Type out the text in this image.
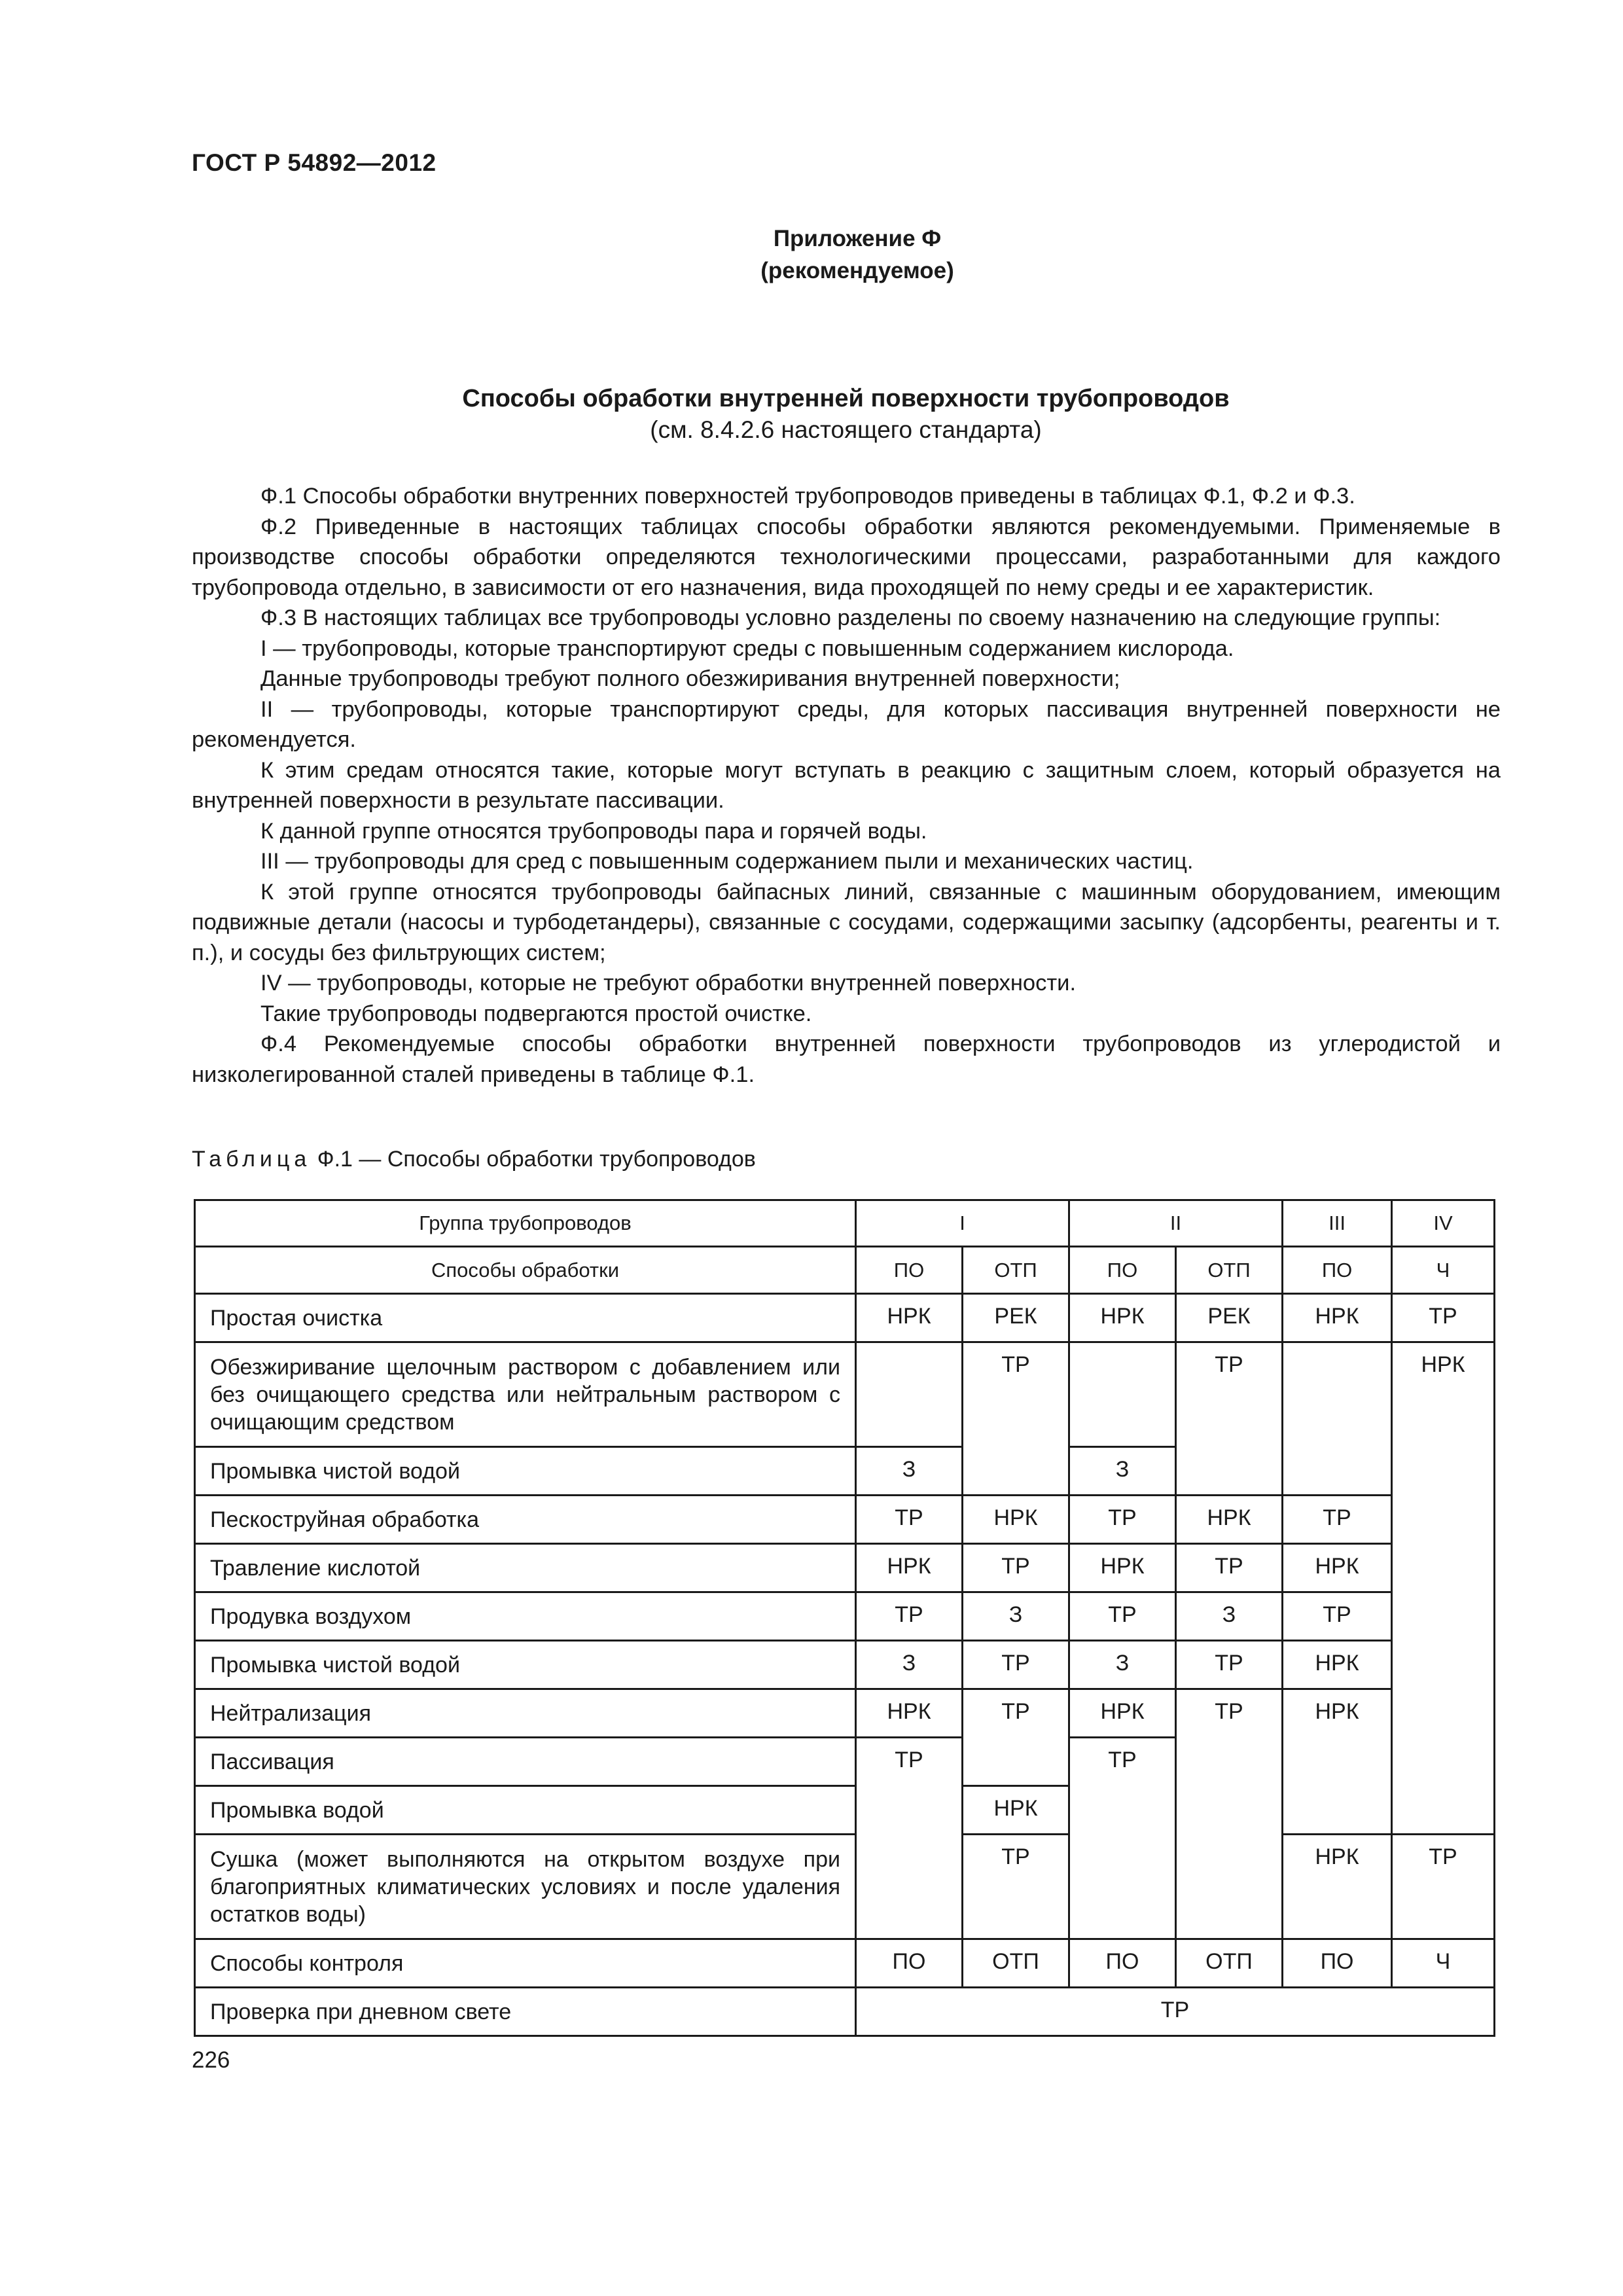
ГОСТ Р 54892—2012
Приложение Ф
(рекомендуемое)
Способы обработки внутренней поверхности трубопроводов
(см. 8.4.2.6 настоящего стандарта)

Ф.1 Способы обработки внутренних поверхностей трубопроводов приведены в таблицах Ф.1, Ф.2 и Ф.3.

Ф.2 Приведенные в настоящих таблицах способы обработки являются рекомендуемыми. Применяемые в производстве способы обработки определяются технологическими процессами, разработанными для каждого трубопровода отдельно, в зависимости от его назначения, вида проходящей по нему среды и ее характеристик.

Ф.3 В настоящих таблицах все трубопроводы условно разделены по своему назначению на следующие группы:

I — трубопроводы, которые транспортируют среды с повышенным содержанием кислорода.

Данные трубопроводы требуют полного обезжиривания внутренней поверхности;

II — трубопроводы, которые транспортируют среды, для которых пассивация внутренней поверхности не рекомендуется.

К этим средам относятся такие, которые могут вступать в реакцию с защитным слоем, который образуется на внутренней поверхности в результате пассивации.

К данной группе относятся трубопроводы пара и горячей воды.

III — трубопроводы для сред с повышенным содержанием пыли и механических частиц.

К этой группе относятся трубопроводы байпасных линий, связанные с машинным оборудованием, имеющим подвижные детали (насосы и турбодетандеры), связанные с сосудами, содержащими засыпку (адсорбенты, реагенты и т. п.), и сосуды без фильтрующих систем;

IV — трубопроводы, которые не требуют обработки внутренней поверхности.

Такие трубопроводы подвергаются простой очистке.

Ф.4 Рекомендуемые способы обработки внутренней поверхности трубопроводов из углеродистой и низколегированной сталей приведены в таблице Ф.1.

Таблица Ф.1 — Способы обработки трубопроводов
Группа трубопроводов	I		II		III	IV
Способы обработки	ПО	ОТП	ПО	ОТП	ПО	Ч
Простая очистка	НРК	РЕК	НРК	РЕК	НРК	ТР
Обезжиривание щелочным раствором с добавлением или без очищающего средства или нейтральным раствором с очищающим средством		ТР		ТР		НРК
Промывка чистой водой	З		З			
Пескоструйная обработка	ТР	НРК	ТР	НРК	ТР	
Травление кислотой	НРК	ТР	НРК	ТР	НРК	
Продувка воздухом	ТР	З	ТР	З	ТР	
Промывка чистой водой	З	ТР	З	ТР	НРК	
Нейтрализация	НРК	ТР	НРК	ТР	НРК	
Пассивация	ТР		ТР			
Промывка водой		НРК				
Сушка (может выполняются на открытом воздухе при благоприятных климатических условиях и после удаления остатков воды)		ТР			НРК	ТР
Способы контроля	ПО	ОТП	ПО	ОТП	ПО	Ч
Проверка при дневном свете	ТР					
226
